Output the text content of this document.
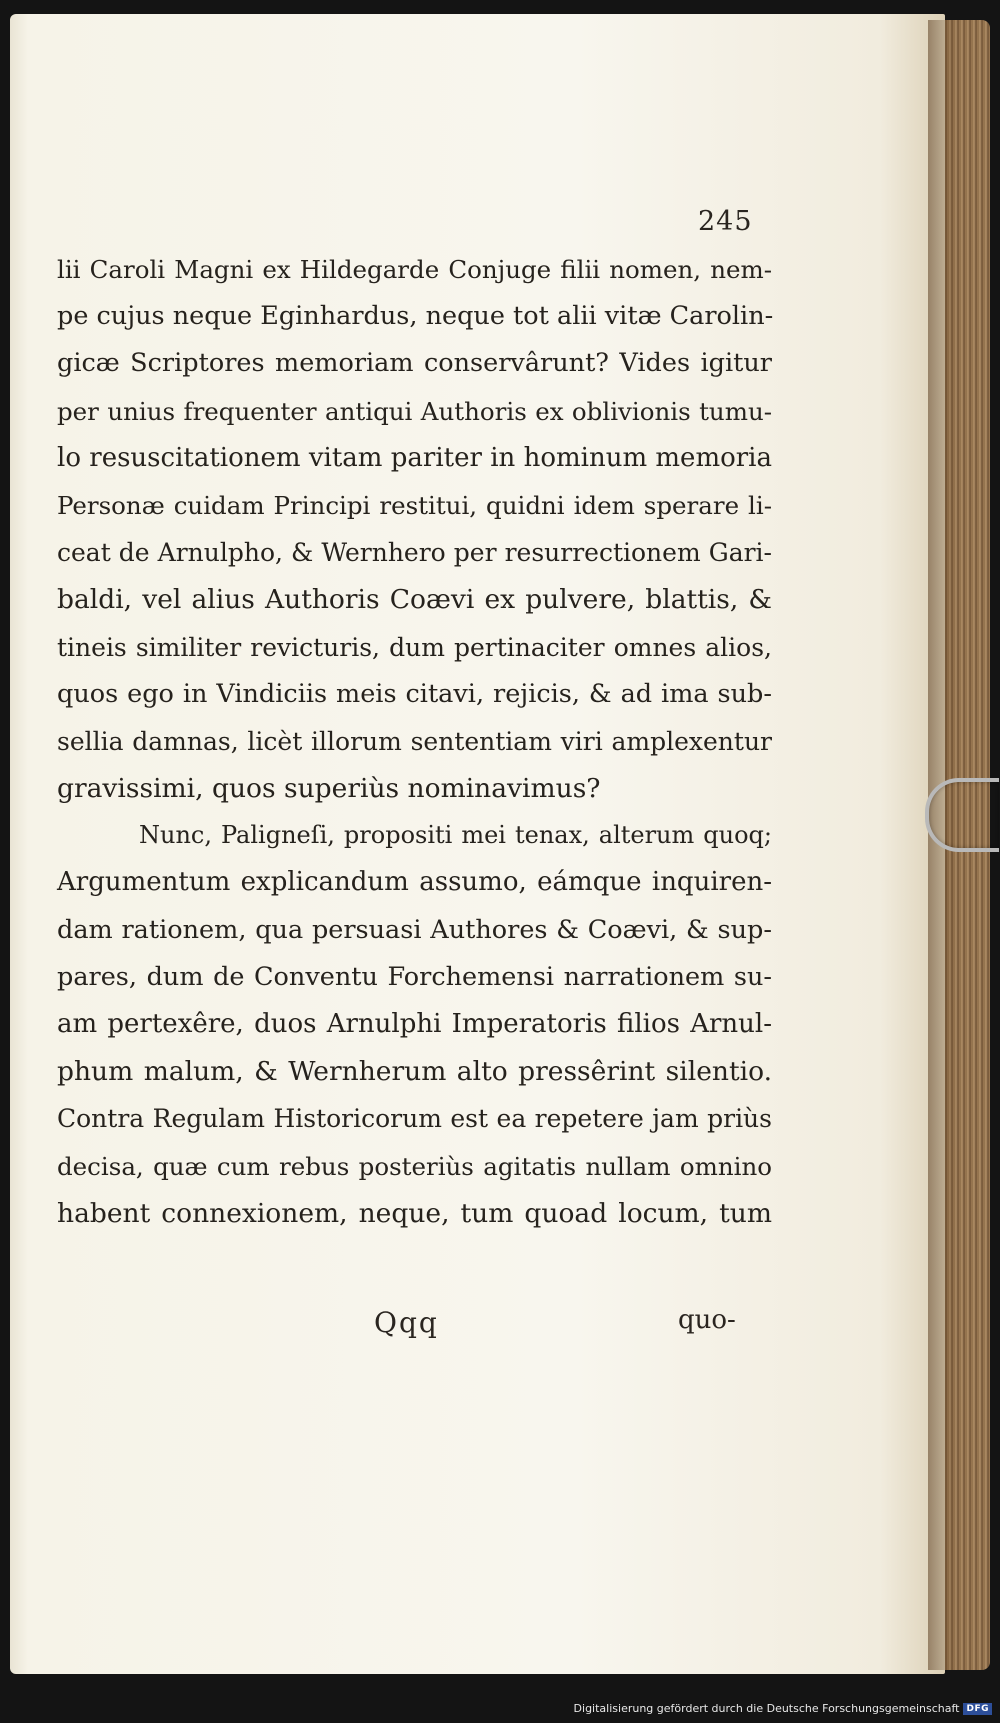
245
lii Caroli Magni ex Hildegarde Conjuge filii nomen, nem-
pe cujus neque Eginhardus, neque tot alii vitæ Carolin-
gicæ Scriptores memoriam conservârunt? Vides igitur
per unius frequenter antiqui Authoris ex oblivionis tumu-
lo resuscitationem vitam pariter in hominum memoria
Personæ cuidam Principi restitui, quidni idem sperare li-
ceat de Arnulpho, & Wernhero per resurrectionem Gari-
baldi, vel alius Authoris Coævi ex pulvere, blattis, &
tineis similiter revicturis, dum pertinaciter omnes alios,
quos ego in Vindiciis meis citavi, rejicis, & ad ima sub-
sellia damnas, licèt illorum sententiam viri amplexentur
gravissimi, quos superiùs nominavimus?
Nunc, Paligneſi, propositi mei tenax, alterum quoq;
Argumentum explicandum assumo, eámque inquiren-
dam rationem, qua persuasi Authores & Coævi, & sup-
pares, dum de Conventu Forchemensi narrationem su-
am pertexêre, duos Arnulphi Imperatoris filios Arnul-
phum malum, & Wernherum alto pressêrint silentio.
Contra Regulam Historicorum est ea repetere jam priùs
decisa, quæ cum rebus posteriùs agitatis nullam omnino
habent connexionem, neque, tum quoad locum, tum
Qqq	quo-
Digitalisierung gefördert durch die Deutsche Forschungsgemeinschaft DFG
